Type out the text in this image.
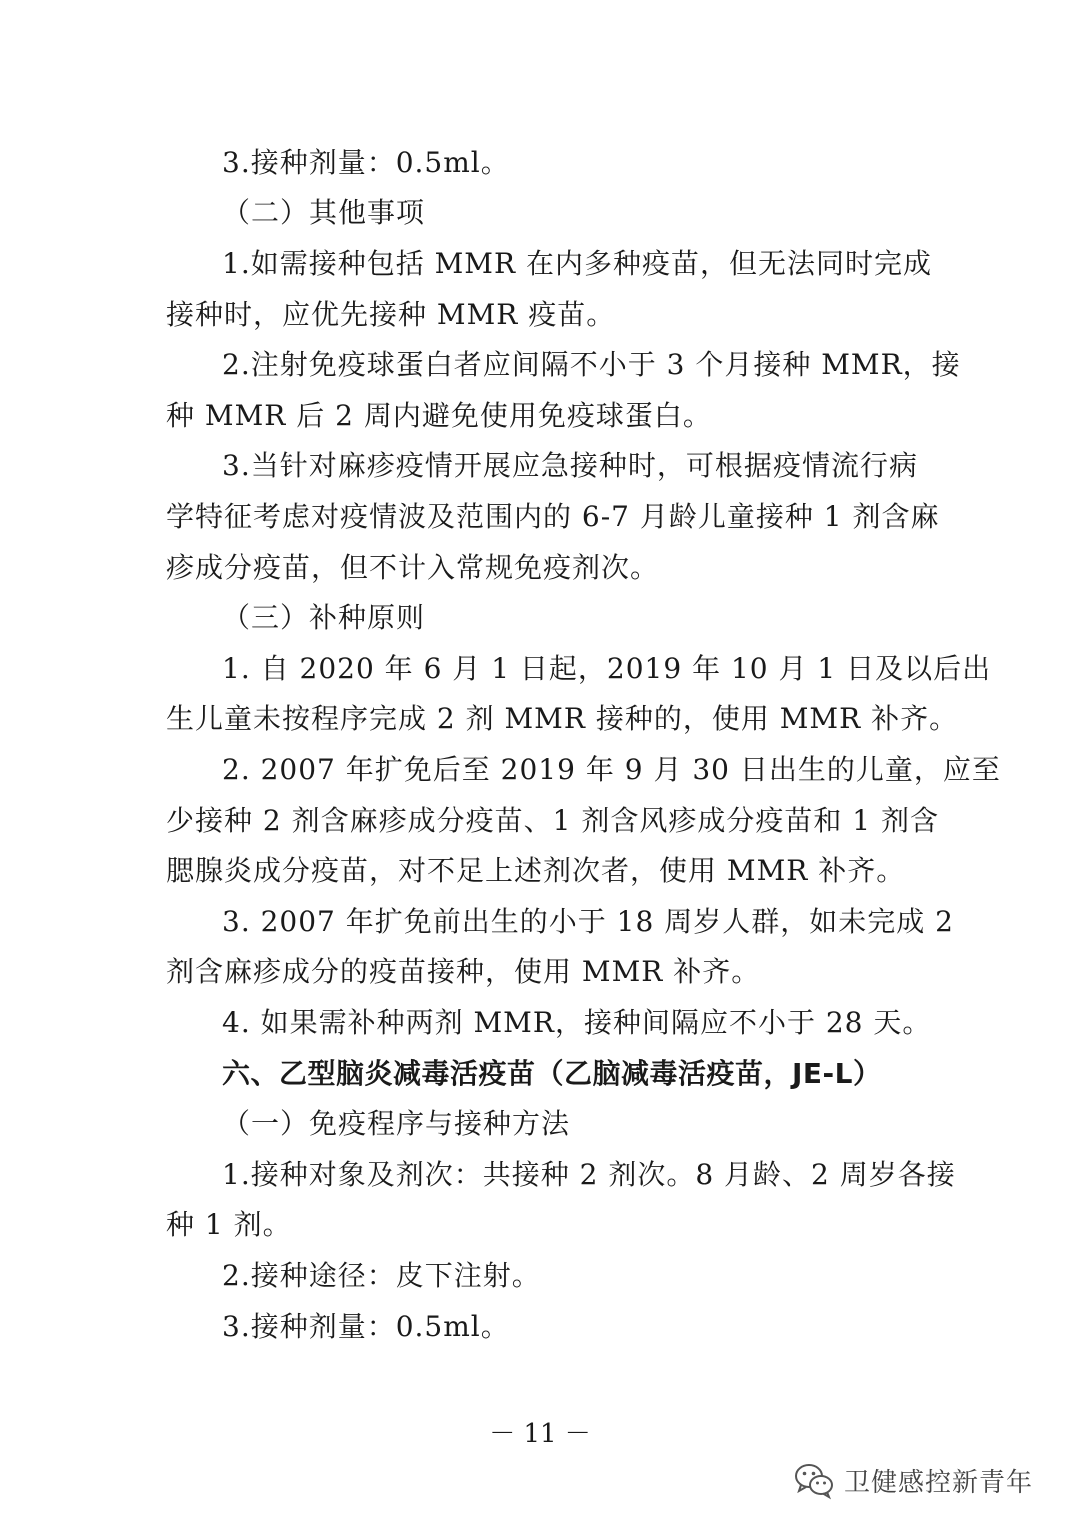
3.接种剂量：0.5ml。
（二）其他事项
1.如需接种包括 MMR 在内多种疫苗，但无法同时完成
接种时，应优先接种 MMR 疫苗。
2.注射免疫球蛋白者应间隔不小于 3 个月接种 MMR，接
种 MMR 后 2 周内避免使用免疫球蛋白。
3.当针对麻疹疫情开展应急接种时，可根据疫情流行病
学特征考虑对疫情波及范围内的 6-7 月龄儿童接种 1 剂含麻
疹成分疫苗，但不计入常规免疫剂次。
（三）补种原则
1. 自 2020 年 6 月 1 日起，2019 年 10 月 1 日及以后出
生儿童未按程序完成 2 剂 MMR 接种的，使用 MMR 补齐。
2. 2007 年扩免后至 2019 年 9 月 30 日出生的儿童，应至
少接种 2 剂含麻疹成分疫苗、1 剂含风疹成分疫苗和 1 剂含
腮腺炎成分疫苗，对不足上述剂次者，使用 MMR 补齐。
3. 2007 年扩免前出生的小于 18 周岁人群，如未完成 2
剂含麻疹成分的疫苗接种，使用 MMR 补齐。
4. 如果需补种两剂 MMR，接种间隔应不小于 28 天。
六、乙型脑炎减毒活疫苗（乙脑减毒活疫苗，JE-L）
（一）免疫程序与接种方法
1.接种对象及剂次：共接种 2 剂次。8 月龄、2 周岁各接
种 1 剂。
2.接种途径：皮下注射。
3.接种剂量：0.5ml。
－ 11 －
卫健感控新青年
